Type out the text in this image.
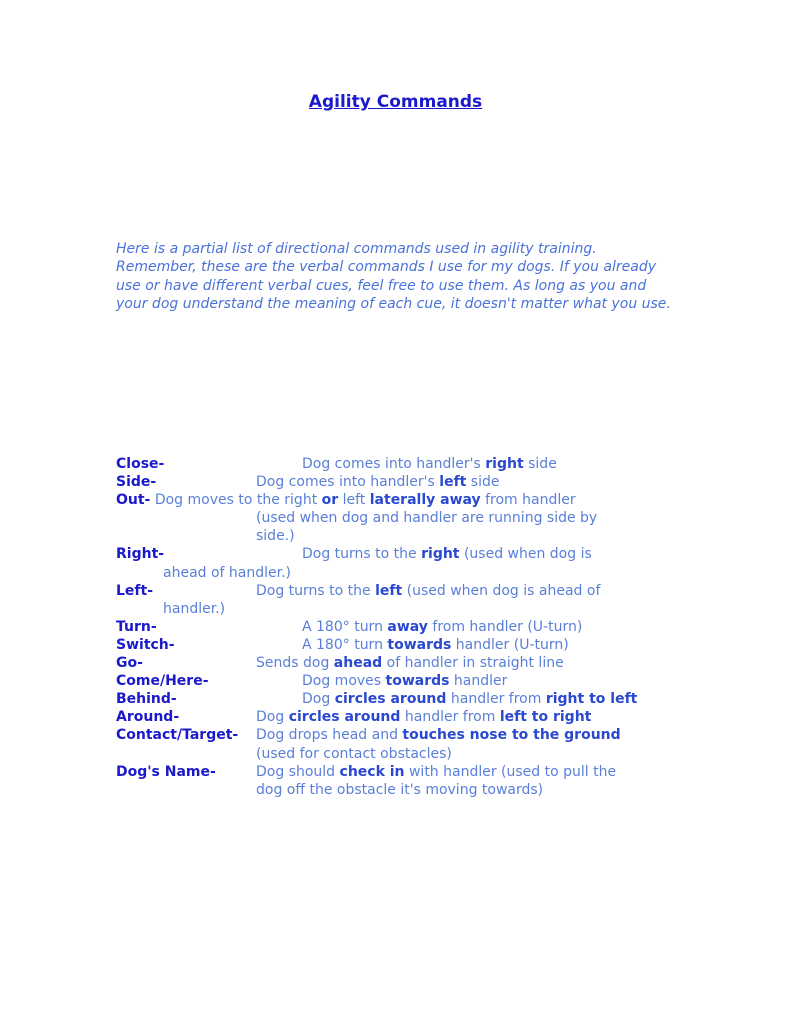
Agility Commands
Here is a partial list of directional commands used in agility training. Remember, these are the verbal commands I use for my dogs. If you already use or have different verbal cues, feel free to use them. As long as you and your dog understand the meaning of each cue, it doesn't matter what you use.
Close-	Dog comes into handler's right side
Side-	Dog comes into handler's left side
Out- Dog moves to the right or left laterally away from handler
(used when dog and handler are running side by
side.)
Right-	Dog turns to the right (used when dog is
ahead of handler.)
Left-	Dog turns to the left (used when dog is ahead of
handler.)
Turn-	A 180° turn away from handler (U-turn)
Switch-	A 180° turn towards handler (U-turn)
Go-	Sends dog ahead of handler in straight line
Come/Here-	Dog moves towards handler
Behind-	Dog circles around handler from right to left
Around-	Dog circles around handler from left to right
Contact/Target- Dog drops head and touches nose to the ground
(used for contact obstacles)
Dog's Name-	Dog should check in with handler (used to pull the
dog off the obstacle it's moving towards)
